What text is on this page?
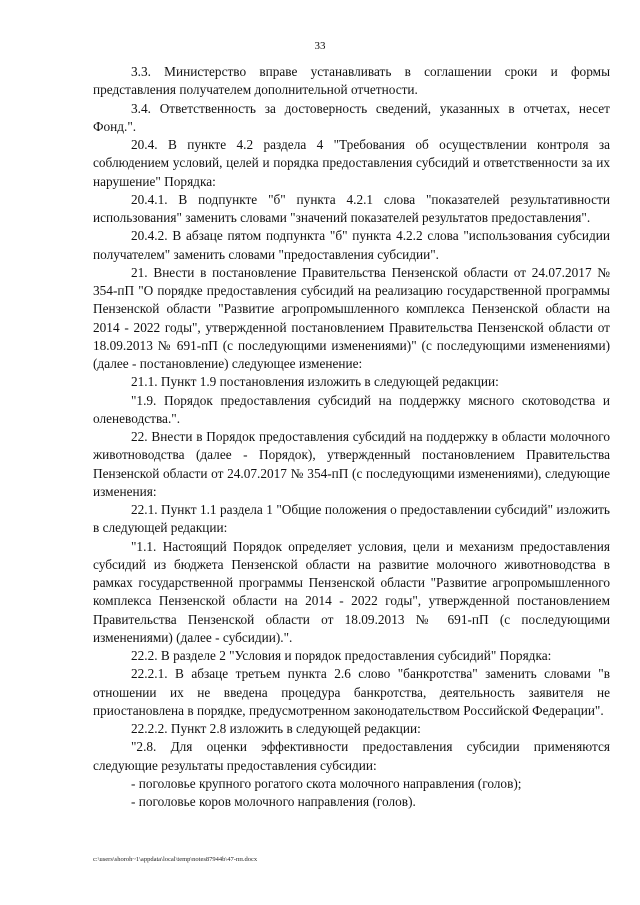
33

3.3. Министерство вправе устанавливать в соглашении сроки и формы представления получателем дополнительной отчетности.

3.4. Ответственность за достоверность сведений, указанных в отчетах, несет Фонд.".

20.4. В пункте 4.2 раздела 4 "Требования об осуществлении контроля за соблюдением условий, целей и порядка предоставления субсидий и ответственности за их нарушение" Порядка:

20.4.1. В подпункте "б" пункта 4.2.1 слова "показателей результативности использования" заменить словами "значений показателей результатов предоставления".

20.4.2. В абзаце пятом подпункта "б" пункта 4.2.2 слова "использования субсидии получателем" заменить словами "предоставления субсидии".

21. Внести в постановление Правительства Пензенской области от 24.07.2017 № 354-пП "О порядке предоставления субсидий на реализацию государственной программы Пензенской области "Развитие агропромышленного комплекса Пензенской области на 2014 - 2022 годы", утвержденной постановлением Правительства Пензенской области от 18.09.2013 № 691-пП (с последующими изменениями)" (с последующими изменениями) (далее - постановление) следующее изменение:

21.1. Пункт 1.9 постановления изложить в следующей редакции:

"1.9. Порядок предоставления субсидий на поддержку мясного скотоводства и оленеводства.".

22. Внести в Порядок предоставления субсидий на поддержку в области молочного животноводства (далее - Порядок), утвержденный постановлением Правительства Пензенской области от 24.07.2017 № 354-пП (с последующими изменениями), следующие изменения:

22.1. Пункт 1.1 раздела 1 "Общие положения о предоставлении субсидий" изложить в следующей редакции:

"1.1. Настоящий Порядок определяет условия, цели и механизм предоставления субсидий из бюджета Пензенской области на развитие молочного животноводства в рамках государственной программы Пензенской области "Развитие агропромышленного комплекса Пензенской области на 2014 - 2022 годы", утвержденной постановлением Правительства Пензенской области от 18.09.2013 № 691-пП (с последующими изменениями) (далее - субсидии).".

22.2. В разделе 2 "Условия и порядок предоставления субсидий" Порядка:

22.2.1. В абзаце третьем пункта 2.6 слово "банкротства" заменить словами "в отношении их не введена процедура банкротства, деятельность заявителя не приостановлена в порядке, предусмотренном законодательством Российской Федерации".

22.2.2. Пункт 2.8 изложить в следующей редакции:

"2.8. Для оценки эффективности предоставления субсидии применяются следующие результаты предоставления субсидии:

- поголовье крупного рогатого скота молочного направления (голов);

- поголовье коров молочного направления (голов).

c:\users\shoroh~1\appdata\local\temp\notes87944b\47-пп.docx
